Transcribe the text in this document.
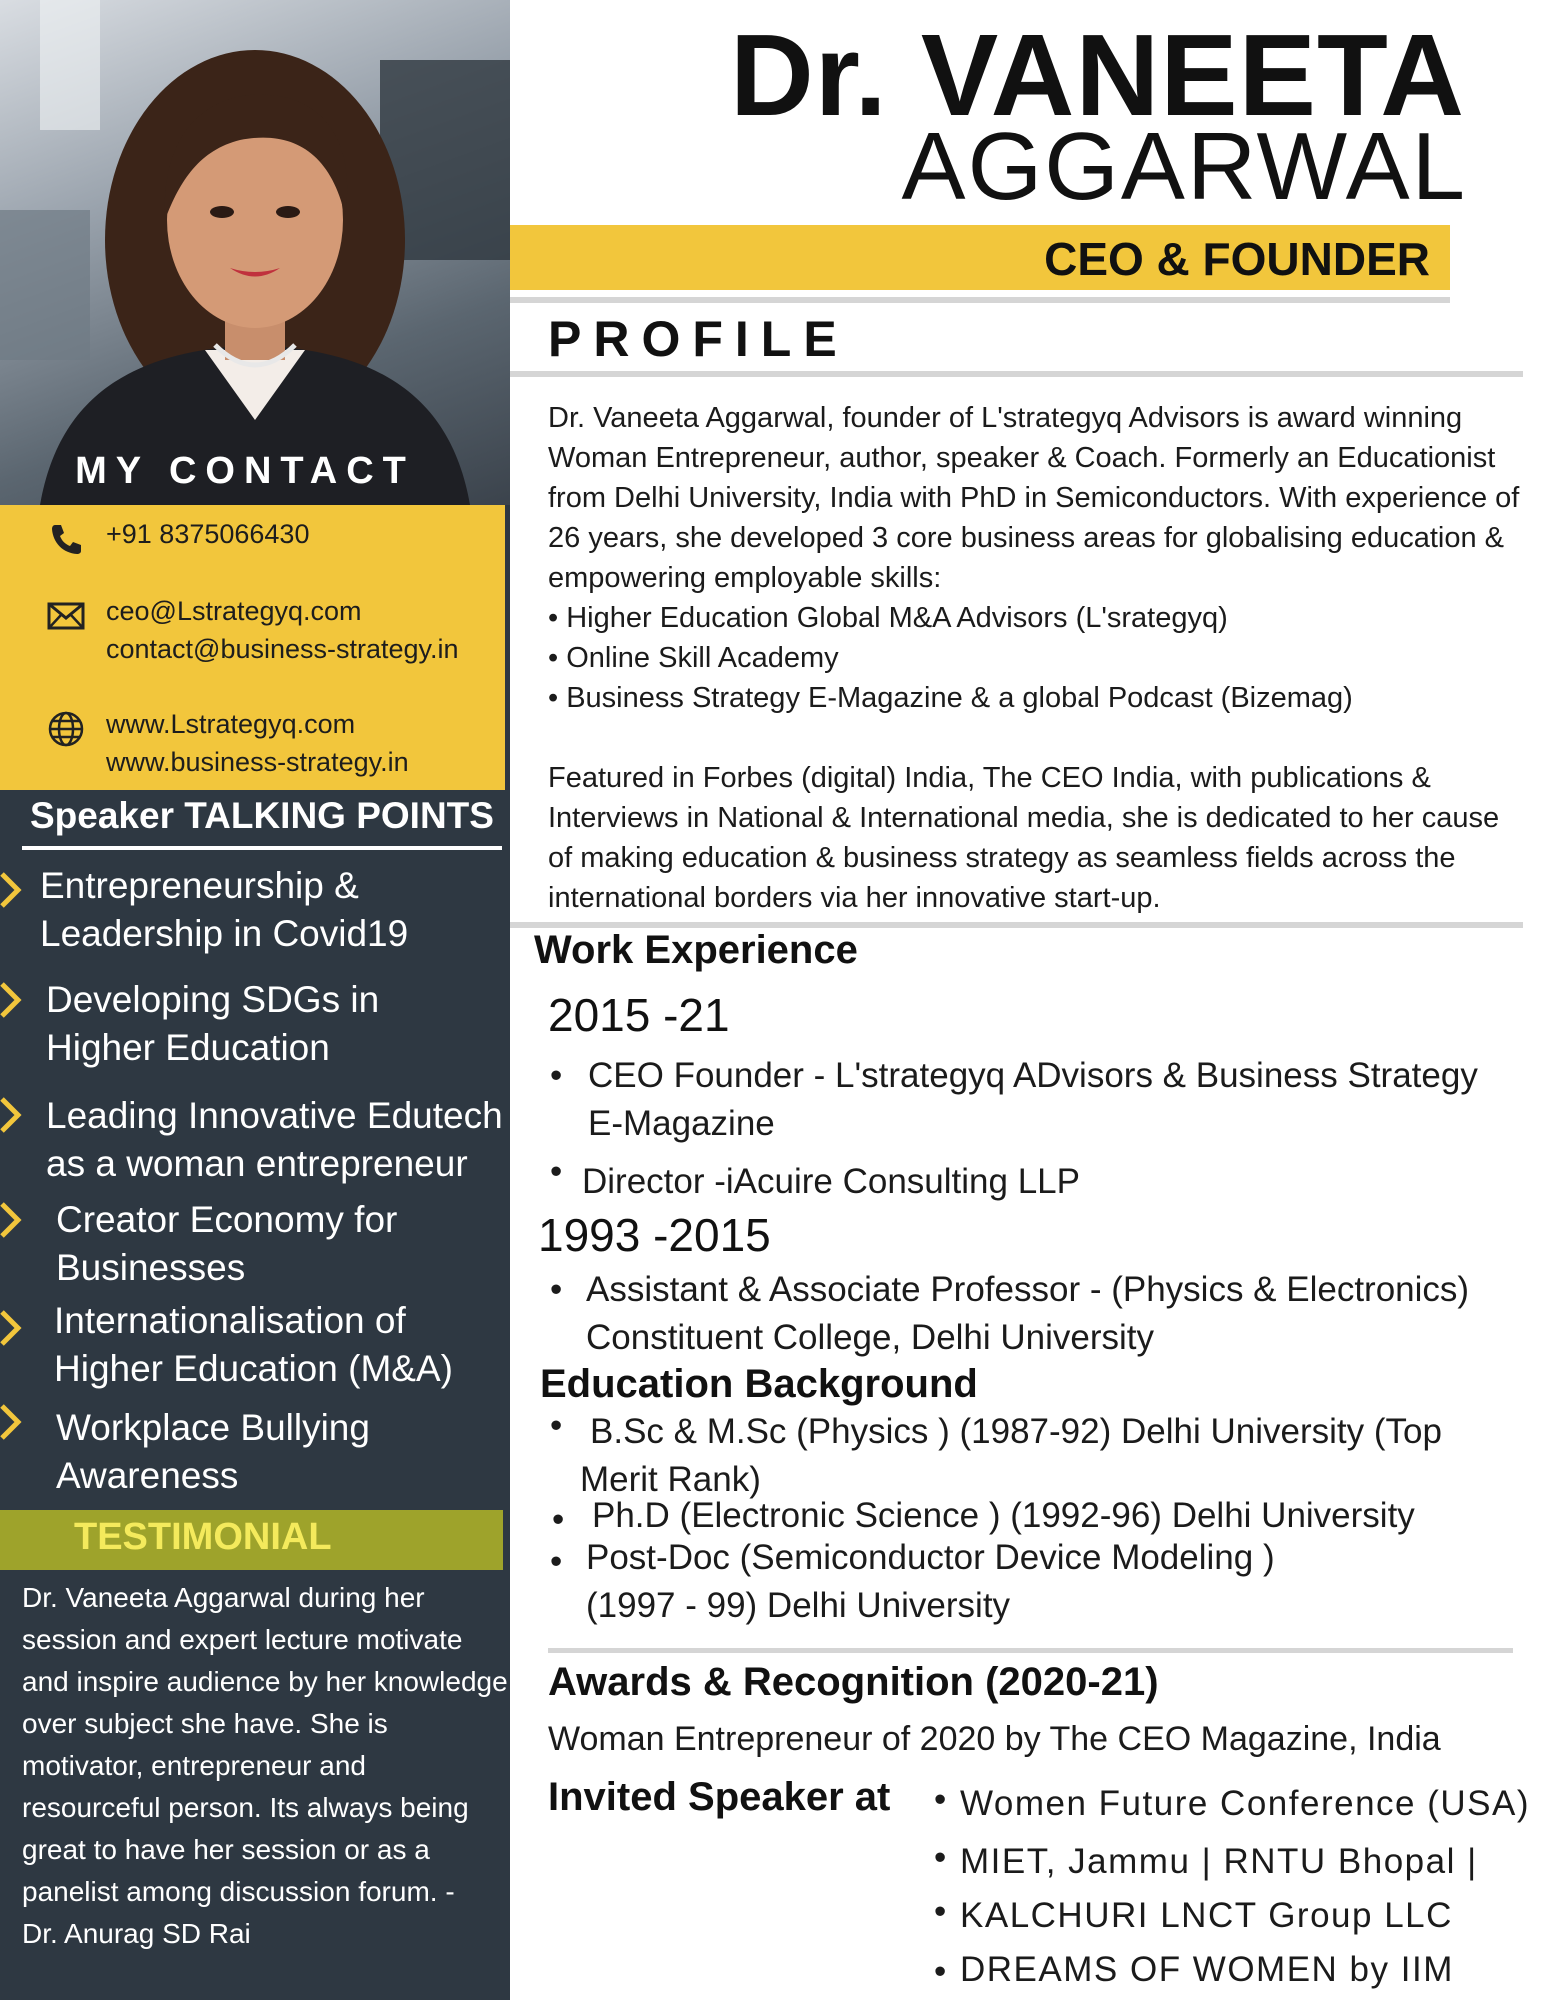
MY CONTACT
+91 8375066430
ceo@Lstrategyq.com
contact@business-strategy.in
www.Lstrategyq.com
www.business-strategy.in
Speaker TALKING POINTS
Entrepreneurship &
Leadership in Covid19
Developing SDGs in
Higher Education
Leading Innovative Edutech
as a woman entrepreneur
Creator Economy for
Businesses
Internationalisation of
Higher Education (M&A)
Workplace Bullying
Awareness
TESTIMONIAL
Dr. Vaneeta Aggarwal during her
session and expert lecture motivate
and inspire audience by her knowledge
over subject she have. She is
motivator, entrepreneur and
resourceful person. Its always being
great to have her session or as a
panelist among discussion forum. -
Dr. Anurag SD Rai
Dr. VANEETA
AGGARWAL
CEO & FOUNDER
PROFILE

Dr. Vaneeta Aggarwal, founder of L'strategyq Advisors is award winning

Woman Entrepreneur, author, speaker & Coach. Formerly an Educationist

from Delhi University, India with PhD in Semiconductors. With experience of

26 years, she developed 3 core business areas for globalising education &

empowering employable skills:

• Higher Education Global M&A Advisors (L'srategyq)

• Online Skill Academy

• Business Strategy E-Magazine & a global Podcast (Bizemag)

Featured in Forbes (digital) India, The CEO India, with publications &

Interviews in National & International media, she is dedicated to her cause

of making education & business strategy as seamless fields across the

international borders via her innovative start-up.

Work Experience
2015 -21
• CEO Founder - L'strategyq ADvisors & Business Strategy
E-Magazine
• Director -iAcuire Consulting LLP
1993 -2015
• Assistant & Associate Professor - (Physics & Electronics)
Constituent College, Delhi University
Education Background
• B.Sc & M.Sc (Physics ) (1987-92) Delhi University (Top
Merit Rank)
• Ph.D (Electronic Science ) (1992-96) Delhi University
• Post-Doc (Semiconductor Device Modeling )
(1997 - 99) Delhi University
Awards & Recognition (2020-21)
Woman Entrepreneur of 2020 by The CEO Magazine, India
Invited Speaker at • Women Future Conference (USA)
• MIET, Jammu | RNTU Bhopal |
• KALCHURI LNCT Group LLC
• DREAMS OF WOMEN by IIM
